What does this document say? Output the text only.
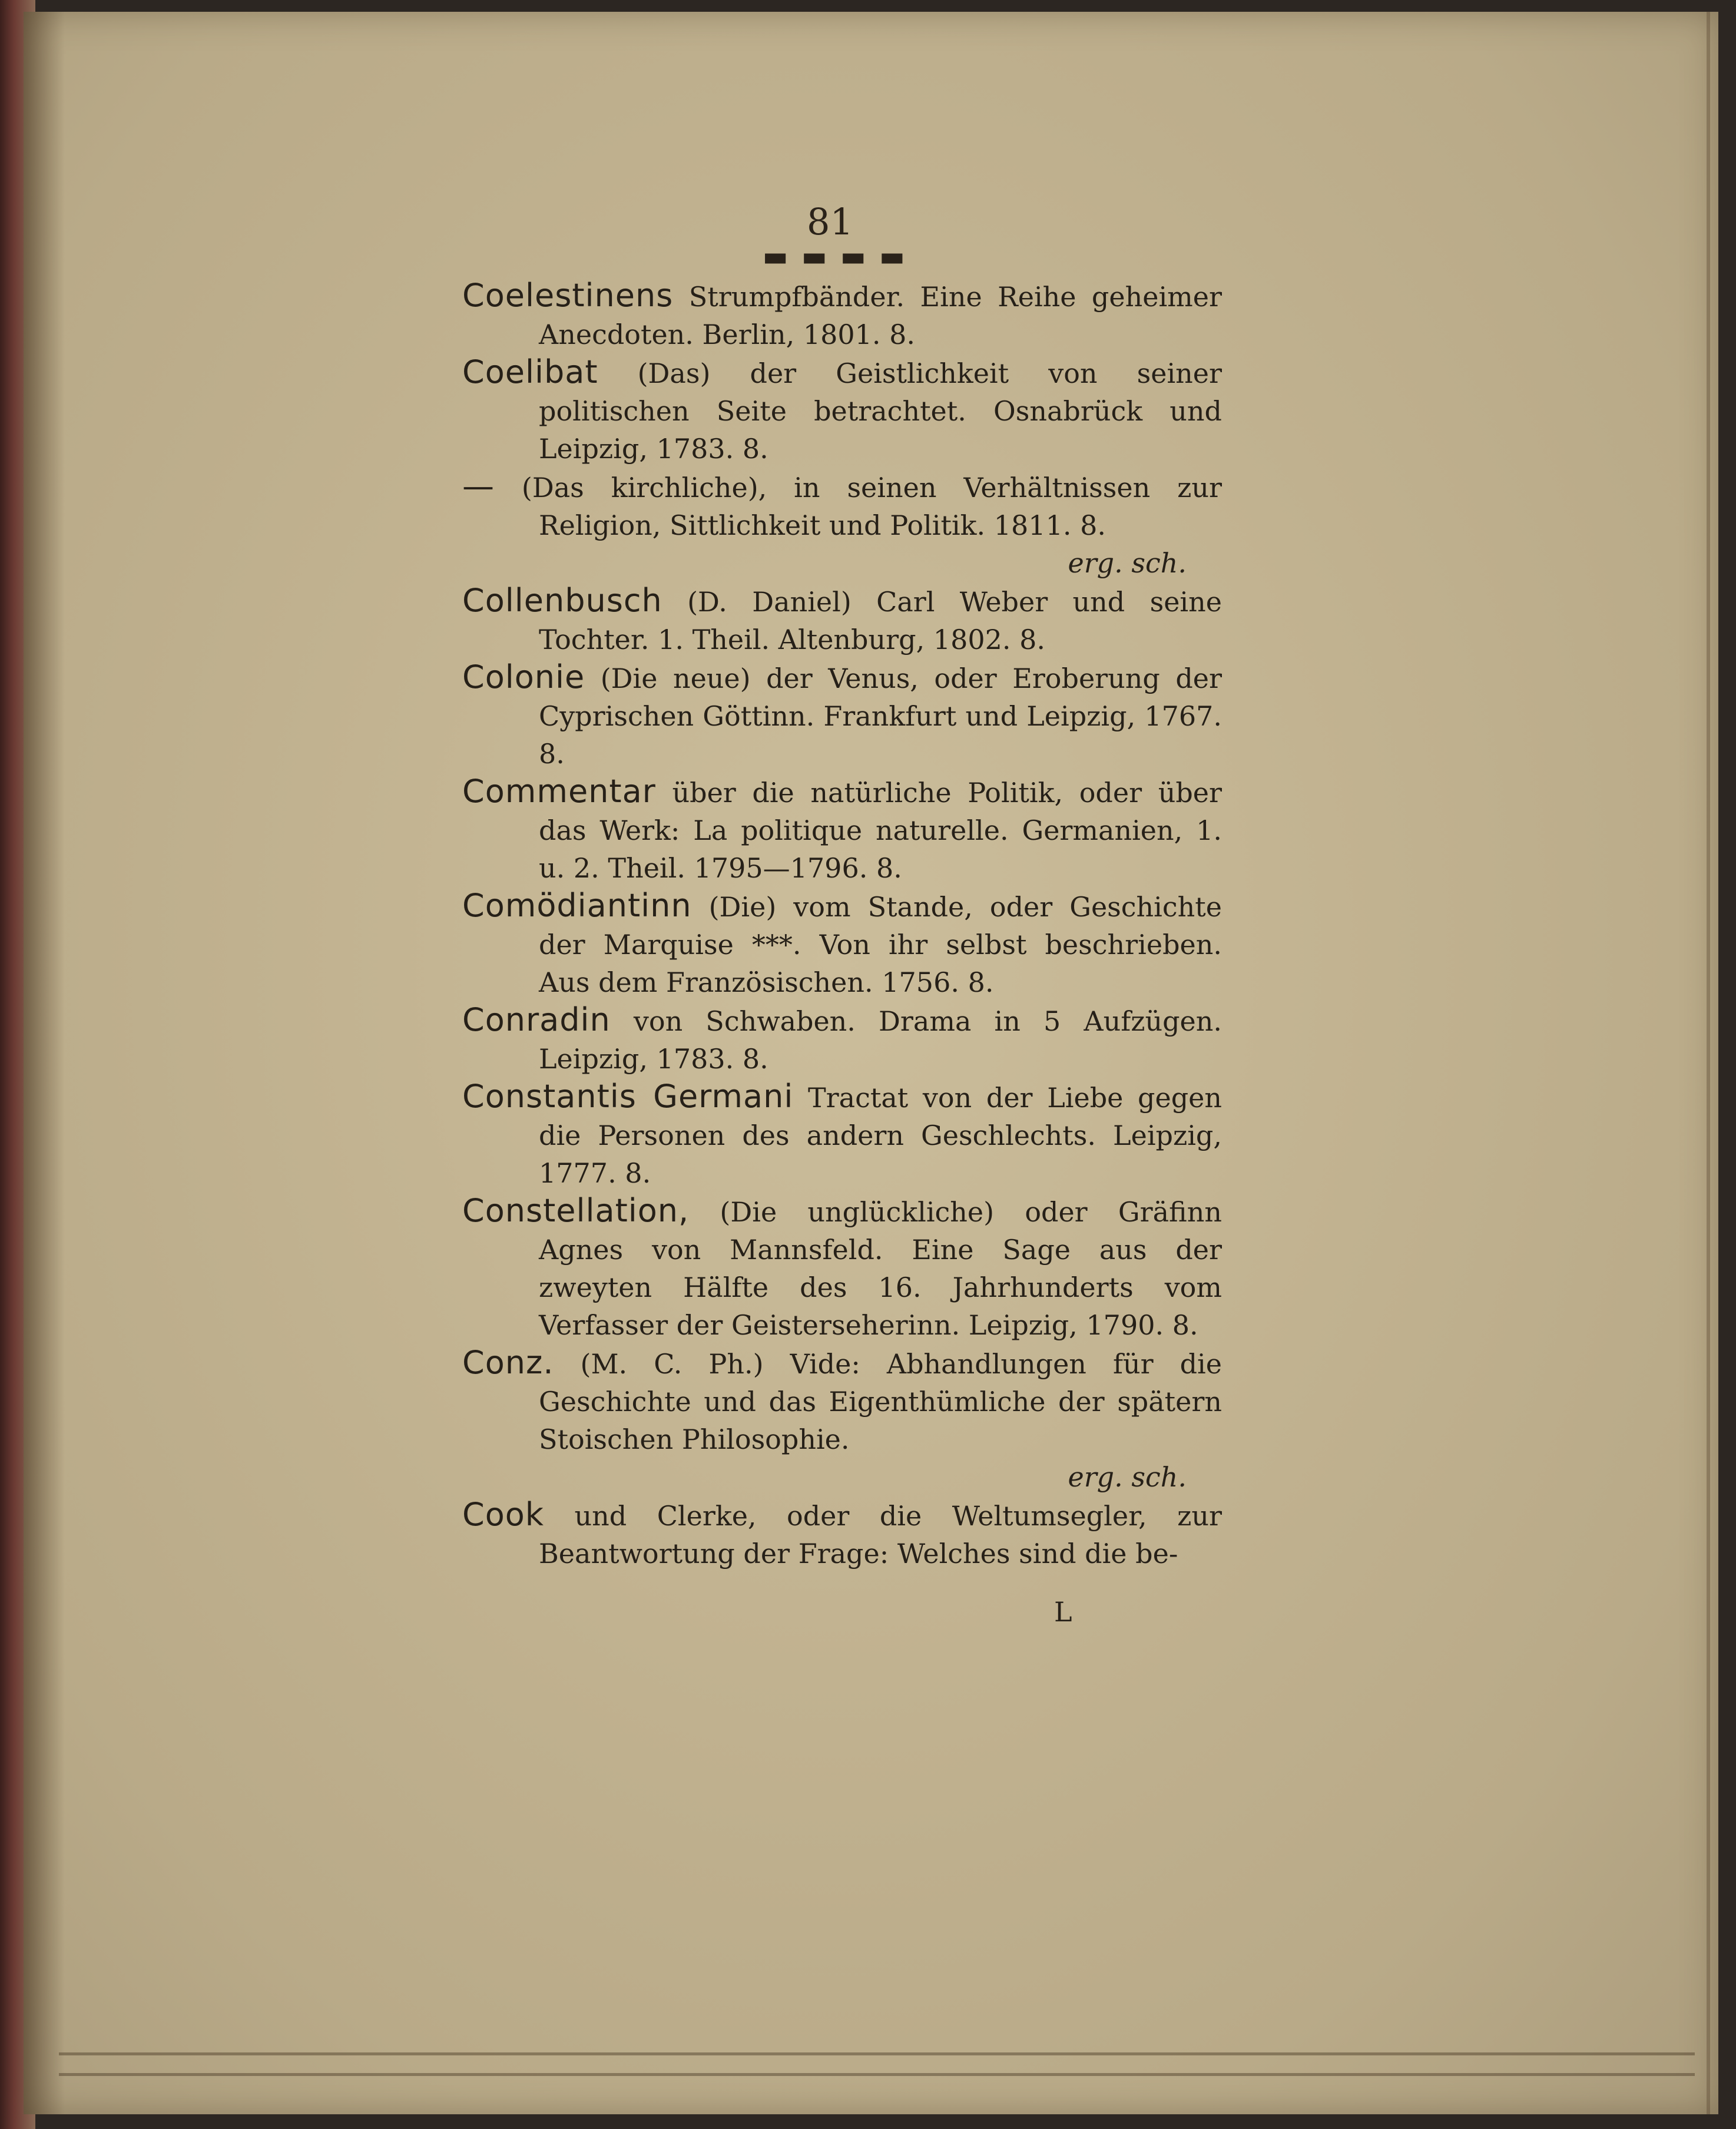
81
▬ ▬ ▬ ▬
Coelestinens Strumpfbänder. Eine Reihe geheimer Anecdoten. Berlin, 1801. 8.
Coelibat (Das) der Geistlichkeit von seiner politischen Seite betrachtet. Osnabrück und Leipzig, 1783. 8.
— (Das kirchliche), in seinen Verhältnissen zur Religion, Sittlichkeit und Politik. 1811. 8.
erg. sch.
Collenbusch (D. Daniel) Carl Weber und seine Tochter. 1. Theil. Altenburg, 1802. 8.
Colonie (Die neue) der Venus, oder Eroberung der Cyprischen Göttinn. Frankfurt und Leipzig, 1767. 8.
Commentar über die natürliche Politik, oder über das Werk: La politique naturelle. Germanien, 1. u. 2. Theil. 1795—1796. 8.
Comödiantinn (Die) vom Stande, oder Geschichte der Marquise ***. Von ihr selbst beschrieben. Aus dem Französischen. 1756. 8.
Conradin von Schwaben. Drama in 5 Aufzügen. Leipzig, 1783. 8.
Constantis Germani Tractat von der Liebe gegen die Personen des andern Geschlechts. Leipzig, 1777. 8.
Constellation, (Die unglückliche) oder Gräfinn Agnes von Mannsfeld. Eine Sage aus der zweyten Hälfte des 16. Jahrhunderts vom Verfasser der Geisterseherinn. Leipzig, 1790. 8.
Conz. (M. C. Ph.) Vide: Abhandlungen für die Geschichte und das Eigenthümliche der spätern Stoischen Philosophie.
erg. sch.
Cook und Clerke, oder die Weltumsegler, zur Beantwortung der Frage: Welches sind die be-
L
